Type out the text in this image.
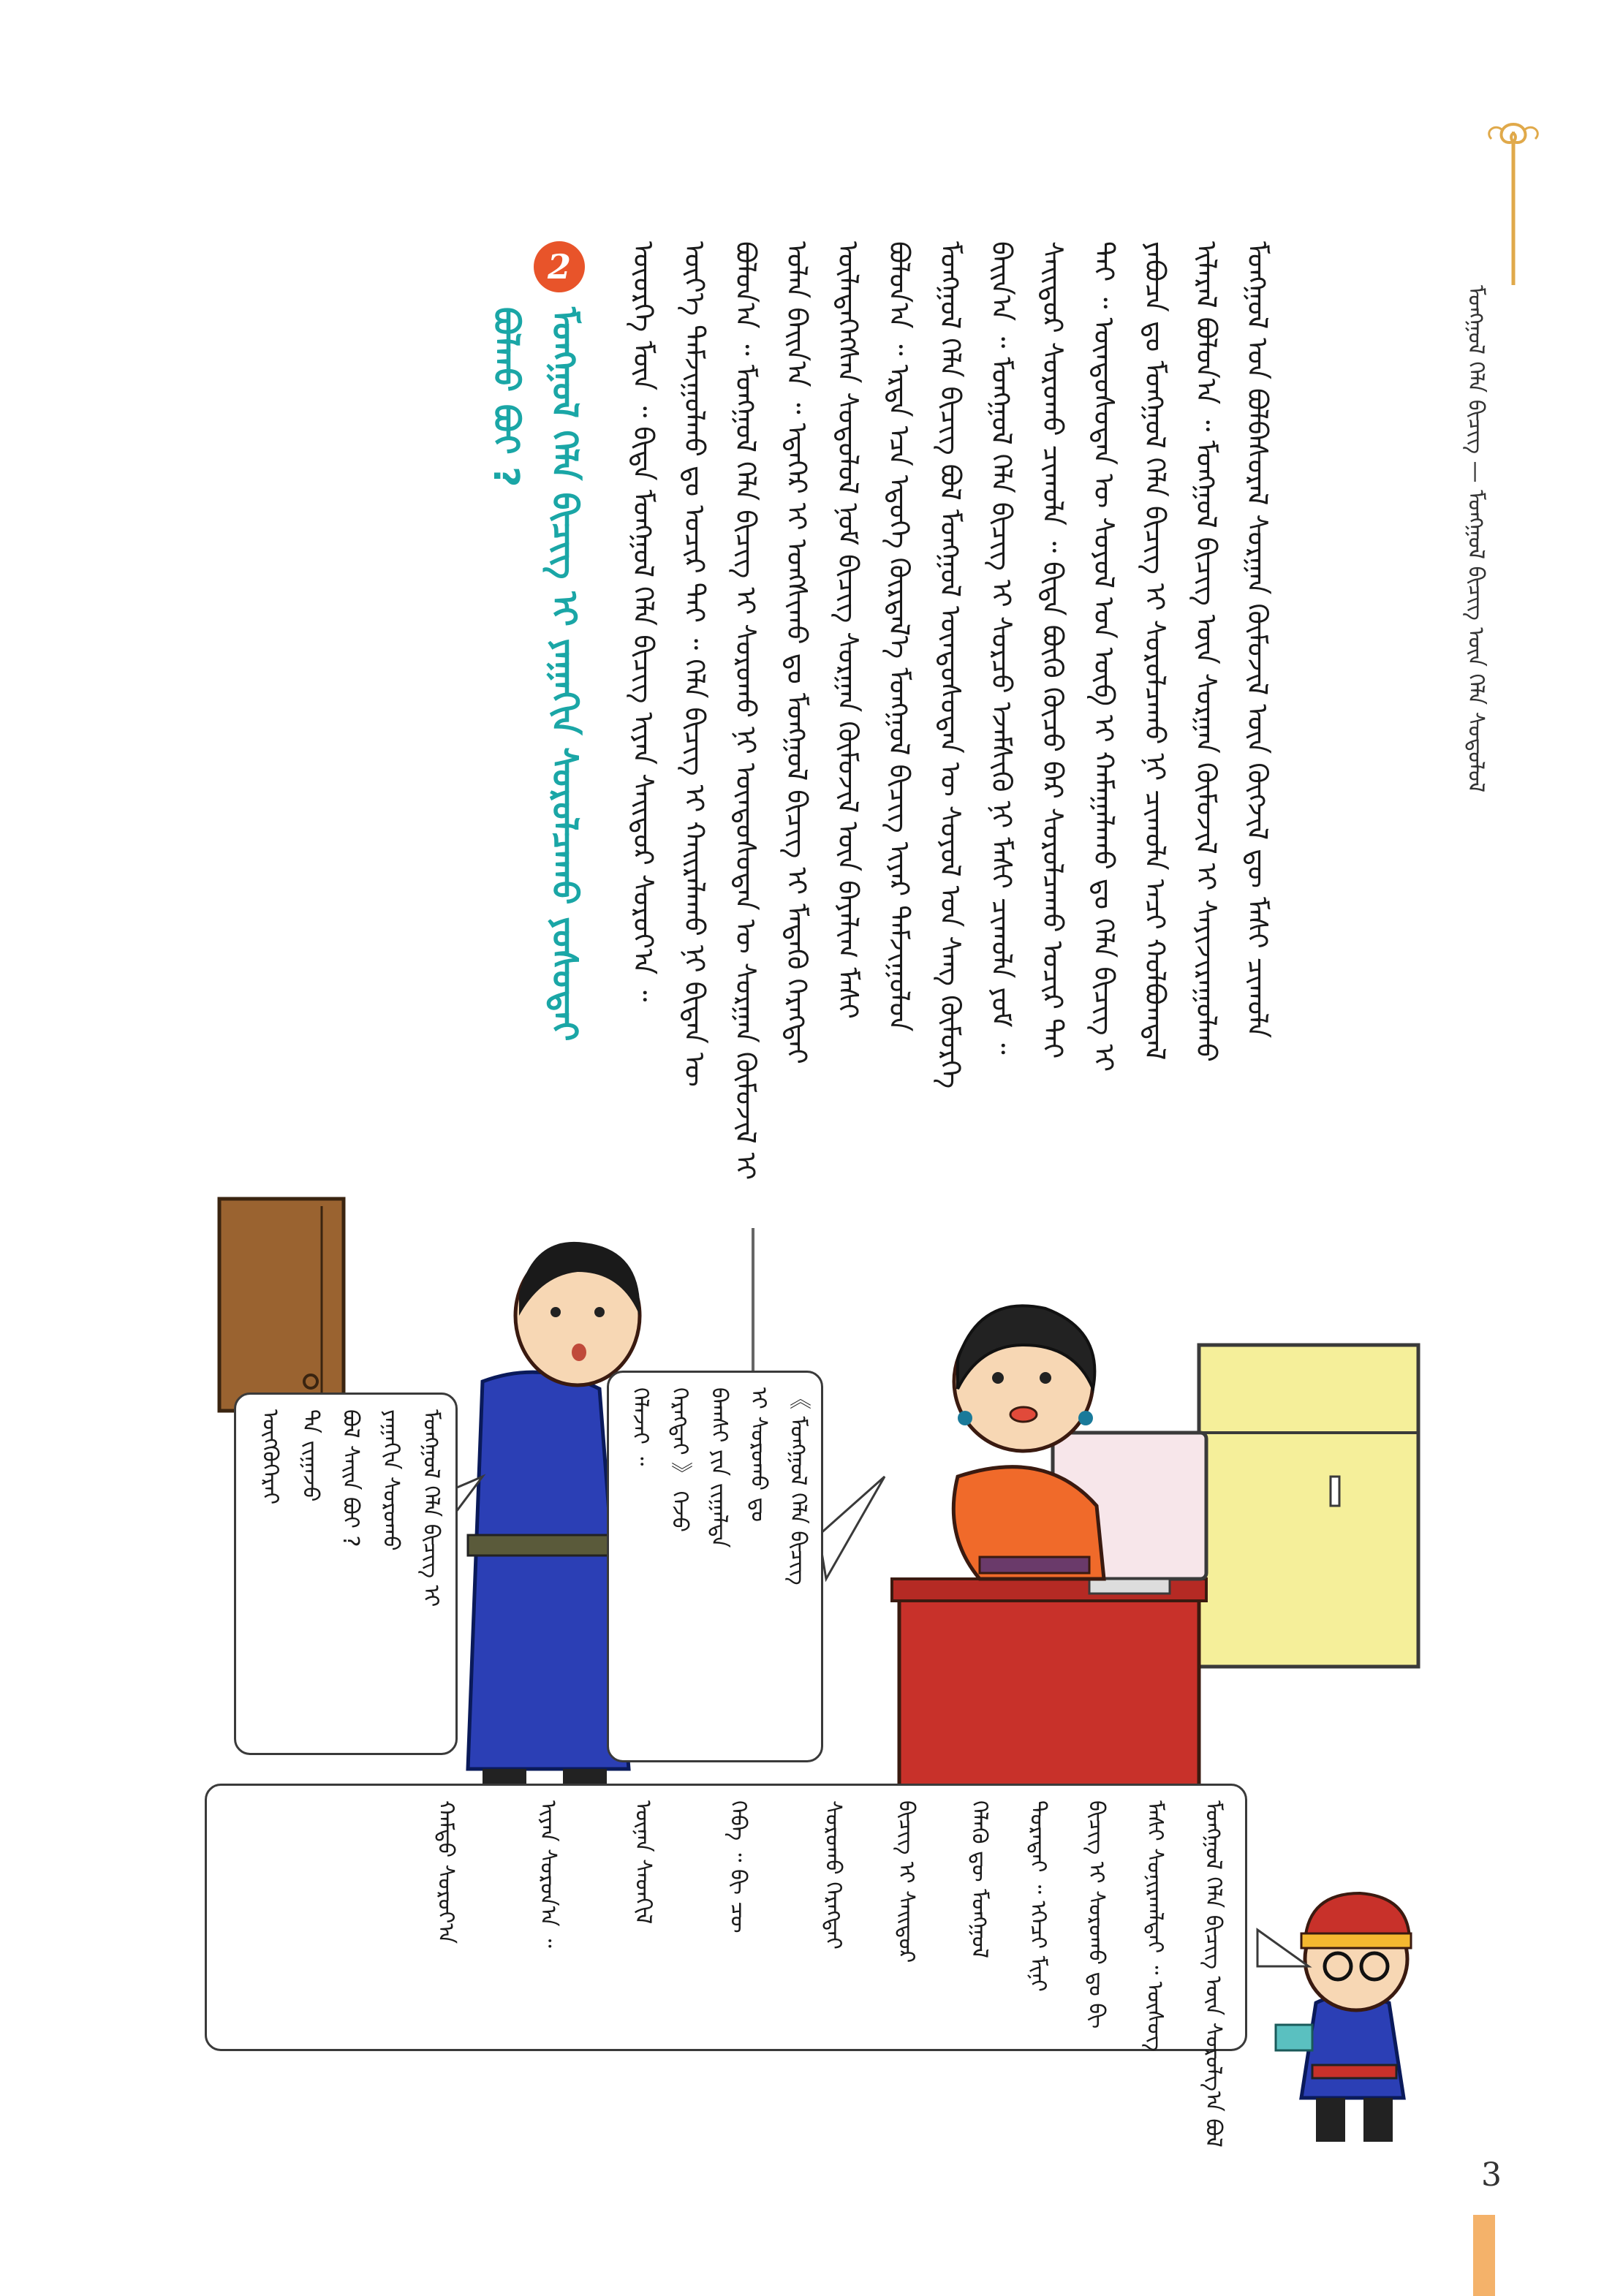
ᠮᠣᠩᠭᠣᠯ ᠬᠡᠯᠡ ᠪᠢᠴᠢᠭ᠌ — ᠮᠣᠩᠭᠣᠯ ᠪᠢᠴᠢᠭ᠌ ᠦᠨ ᠬᠡᠯᠡ ᠰᠤᠳᠤᠯᠤᠯ
ᠮᠣᠩᠭᠣᠯ ᠤᠨ ᠪᠣᠯᠪᠠᠰᠤᠷᠠᠯ ᠰᠤᠷᠭᠠᠨ ᠬᠦᠮᠦᠵᠢᠯ ᠦᠨ ᠬᠥᠭᠵᠢᠯ ᠳᠦ ᠮᠠᠰᠢ ᠴᠢᠬᠤᠯᠠ
ᠢᠯᠡᠷᠡᠯ ᠪᠣᠯᠤᠨ᠎ᠠ ᠃ ᠮᠣᠩᠭᠣᠯ ᠪᠢᠴᠢᠭ᠌ ᠦᠨ ᠰᠤᠷᠭᠠᠨ ᠬᠦᠮᠦᠵᠢᠯ ᠢ ᠰᠠᠶᠢᠵᠢᠷᠠᠭᠤᠯᠬᠤ
ᠶᠠᠪᠤᠴᠠ ᠳᠤ ᠮᠣᠩᠭᠣᠯ ᠬᠡᠯᠡ ᠪᠢᠴᠢᠭ᠌ ᠢ ᠰᠤᠷᠤᠯᠴᠠᠬᠤ ᠨᠢ ᠴᠢᠬᠤᠯᠠ ᠠᠴᠢ ᠬᠣᠯᠪᠣᠭᠳᠠᠯ
ᠲᠠᠢ ᠃ ᠦᠨᠳᠦᠰᠦᠲᠡᠨ ᠦ ᠰᠣᠶᠣᠯ ᠤᠨ ᠥᠪ ᠢ ᠬᠠᠮᠠᠭᠠᠯᠠᠬᠤ ᠳᠤ ᠬᠡᠯᠡ ᠪᠢᠴᠢᠭ᠌ ᠢ
ᠰᠠᠢᠲᠤᠷ ᠰᠤᠷᠤᠬᠤ ᠴᠢᠬᠤᠯᠠ ᠃ ᠪᠢᠳᠡ ᠪᠦᠬᠦ ᠬᠦᠴᠦ ᠪᠡᠷ ᠰᠤᠷᠤᠯᠴᠠᠬᠤ ᠤᠴᠢᠷ ᠲᠠᠢ
ᠪᠠᠢᠨ᠎ᠠ ᠃ ᠮᠣᠩᠭᠣᠯ ᠬᠡᠯᠡ ᠪᠢᠴᠢᠭ᠌ ᠢ ᠰᠤᠷᠴᠤ ᠡᠵᠡᠮᠰᠢᠬᠦ ᠨᠢ ᠮᠠᠰᠢ ᠴᠢᠬᠤᠯᠠ ᠶᠤᠮ ᠃
ᠮᠣᠩᠭᠣᠯ ᠬᠡᠯᠡ ᠪᠢᠴᠢᠭ᠌ ᠪᠣᠯ ᠮᠣᠩᠭᠣᠯ ᠦᠨᠳᠦᠰᠦᠲᠡᠨ ᠦ ᠰᠣᠶᠣᠯ ᠤᠨ ᠰᠠᠩ ᠬᠥᠮᠦᠷᠭᠡ
ᠪᠣᠯᠤᠨ᠎ᠠ ᠃ ᠡᠷᠲᠡ ᠡᠴᠡ ᠡᠳᠦᠭᠡ ᠬᠦᠷᠲᠡᠯ᠎ᠡ ᠮᠣᠩᠭᠣᠯ ᠪᠢᠴᠢᠭ᠌ ᠢᠶᠡᠷ ᠳᠠᠮᠵᠢᠭᠤᠯᠤᠨ
ᠦᠯᠡᠳᠡᠭᠡᠭᠰᠡᠨ ᠰᠤᠳᠤᠯᠤᠯ ᠨᠣᠮ ᠪᠢᠴᠢᠭ᠌ ᠰᠤᠷᠭᠠᠨ ᠬᠦᠮᠦᠵᠢᠯ ᠦᠨ ᠪᠠᠶᠠᠯᠢᠭ ᠮᠠᠰᠢ
ᠤᠯᠠᠨ ᠪᠠᠢᠨ᠎ᠠ ᠃ ᠡᠳᠡᠭᠡᠷ ᠢ ᠤᠩᠰᠢᠬᠤ ᠳᠤ ᠮᠣᠩᠭᠣᠯ ᠪᠢᠴᠢᠭ᠌ ᠢ ᠮᠡᠳᠡᠬᠦ ᠬᠡᠷᠡᠭᠲᠡᠢ
ᠪᠣᠯᠤᠨ᠎ᠠ ᠃ ᠮᠣᠩᠭᠣᠯ ᠬᠡᠯᠡ ᠪᠢᠴᠢᠭ᠌ ᠢ ᠰᠤᠷᠤᠬᠤ ᠨᠢ ᠦᠨᠳᠦᠰᠦᠲᠡᠨ ᠦ ᠰᠤᠷᠭᠠᠨ ᠬᠦᠮᠦᠵᠢᠯ ᠢ
ᠦᠶ᠎ᠡ ᠳᠠᠮᠵᠢᠭᠤᠯᠬᠤ ᠳᠤ ᠤᠴᠢᠷ ᠲᠠᠢ ᠃ ᠬᠡᠯᠡ ᠪᠢᠴᠢᠭ᠌ ᠢ ᠬᠠᠢᠷᠠᠯᠠᠬᠤ ᠨᠢ ᠪᠢᠳᠡᠨ ᠦ
ᠦᠦᠷᠭᠡ ᠮᠥᠨ ᠃ ᠪᠢᠳᠡ ᠮᠣᠩᠭᠣᠯ ᠬᠡᠯᠡ ᠪᠢᠴᠢᠭ᠌ ᠢᠶᠡᠨ ᠰᠠᠢᠲᠤᠷ ᠰᠤᠷᠤᠶ᠎ᠠ ᠃
2
ᠮᠣᠩᠭᠣᠯ ᠬᠡᠯᠡ ᠪᠢᠴᠢᠭ᠌ ᠢ ᠶᠠᠭᠠᠬᠢᠨ ᠰᠤᠷᠤᠯᠴᠠᠬᠤ ᠶᠣᠰᠣᠲᠠᠢ
ᠪᠣᠯᠬᠣ ᠪᠤᠢ ?
《 ᠮᠣᠩᠭᠣᠯ ᠬᠡᠯᠡ ᠪᠢᠴᠢᠭ᠌
ᠢ ᠰᠤᠷᠤᠬᠤ ᠳᠤ
ᠪᠠᠭᠰᠢ ᠶᠢᠨ ᠵᠢᠭᠠᠯᠲᠠ
ᠬᠡᠷᠡᠭᠲᠡᠢ 》 ᠭᠡᠵᠦ
ᠬᠡᠯᠡᠵᠡᠢ ᠃
ᠮᠣᠩᠭᠣᠯ ᠬᠡᠯᠡ ᠪᠢᠴᠢᠭ᠌ ᠢ
ᠶᠠᠭᠠᠬᠢᠨ ᠰᠤᠷᠤᠬᠤ
ᠪᠣᠯ ᠰᠠᠢᠨ ᠪᠤᠢ ?
ᠲᠠ ᠵᠢᠭᠠᠵᠦ
ᠥᠭᠭᠦᠭᠡᠷᠡᠢ
ᠮᠣᠩᠭᠣᠯ ᠬᠡᠯᠡ ᠪᠢᠴᠢᠭ᠌ ᠦᠨ ᠰᠤᠷᠤᠯᠭ᠎ᠠ ᠪᠣᠯ
ᠮᠠᠰᠢ ᠰᠣᠨᠢᠷᠬᠠᠯᠲᠠᠢ ᠃ ᠦᠰᠦᠭ
ᠪᠢᠴᠢᠭ᠌ ᠢ ᠰᠤᠷᠤᠬᠤ ᠳᠤ ᠪᠢ
ᠳᠤᠷᠠᠲᠠᠢ ᠃ ᠡᠭᠡᠴᠢ ᠮᠢᠨᠢ
ᠬᠡᠯᠡᠬᠦ ᠳᠦ ᠮᠣᠩᠭᠣᠯ
ᠪᠢᠴᠢᠭ᠌ ᠢ ᠰᠠᠢᠲᠤᠷ
ᠰᠤᠷᠤᠬᠤ ᠬᠡᠷᠡᠭᠲᠡᠢ
ᠭᠡᠪᠡ ᠃ ᠪᠢ ᠴᠦ
ᠦᠨᠡᠨ ᠰᠡᠳᠬᠢᠯ
ᠢᠶᠡᠨ ᠰᠤᠷᠤᠨ᠎ᠠ ᠃
ᠬᠠᠮᠲᠤ ᠰᠤᠷᠤᠶ᠎ᠠ
3
